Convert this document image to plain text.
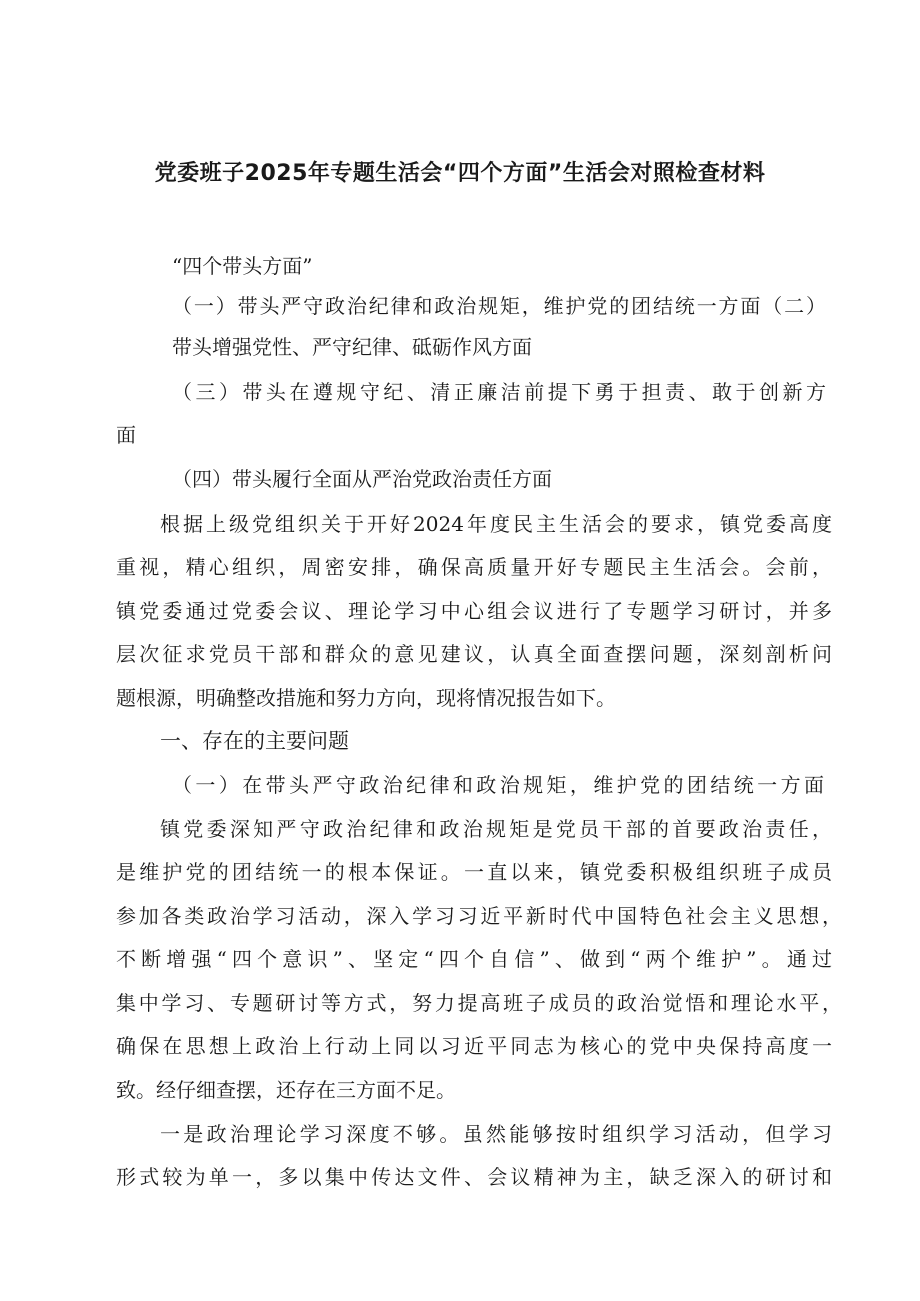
党委班子2025年专题生活会“四个方面”生活会对照检查材料
“四个带头方面”
（一）带头严守政治纪律和政治规矩，维护党的团结统一方面（二）
带头增强党性、严守纪律、砥砺作风方面
（三）带头在遵规守纪、清正廉洁前提下勇于担责、敢于创新方
面
（四）带头履行全面从严治党政治责任方面
根据上级党组织关于开好2024年度民主生活会的要求，镇党委高度
重视，精心组织，周密安排，确保高质量开好专题民主生活会。会前，
镇党委通过党委会议、理论学习中心组会议进行了专题学习研讨，并多
层次征求党员干部和群众的意见建议，认真全面查摆问题，深刻剖析问
题根源，明确整改措施和努力方向，现将情况报告如下。
一、存在的主要问题
（一）在带头严守政治纪律和政治规矩，维护党的团结统一方面
镇党委深知严守政治纪律和政治规矩是党员干部的首要政治责任，
是维护党的团结统一的根本保证。一直以来，镇党委积极组织班子成员
参加各类政治学习活动，深入学习习近平新时代中国特色社会主义思想，
不断增强“四个意识”、坚定“四个自信”、做到“两个维护”。通过
集中学习、专题研讨等方式，努力提高班子成员的政治觉悟和理论水平，
确保在思想上政治上行动上同以习近平同志为核心的党中央保持高度一
致。经仔细查摆，还存在三方面不足。
一是政治理论学习深度不够。虽然能够按时组织学习活动，但学习
形式较为单一，多以集中传达文件、会议精神为主，缺乏深入的研讨和
